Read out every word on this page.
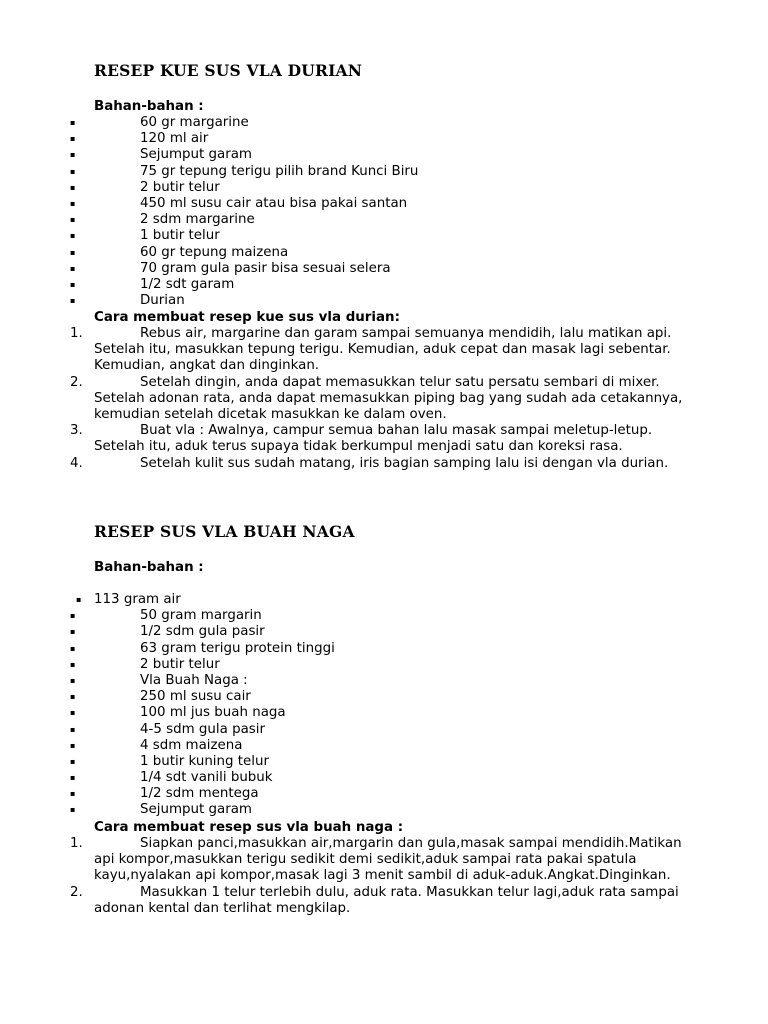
RESEP KUE SUS VLA DURIAN
Bahan-bahan :
▪	60 gr margarine
▪	120 ml air
▪	Sejumput garam
▪	75 gr tepung terigu pilih brand Kunci Biru
▪	2 butir telur
▪	450 ml susu cair atau bisa pakai santan
▪	2 sdm margarine
▪	1 butir telur
▪	60 gr tepung maizena
▪	70 gram gula pasir bisa sesuai selera
▪	1/2 sdt garam
▪	Durian
Cara membuat resep kue sus vla durian:
1.	Rebus air, margarine dan garam sampai semuanya mendidih, lalu matikan api. Setelah itu, masukkan tepung terigu. Kemudian, aduk cepat dan masak lagi sebentar. Kemudian, angkat dan dinginkan.
2.	Setelah dingin, anda dapat memasukkan telur satu persatu sembari di mixer. Setelah adonan rata, anda dapat memasukkan piping bag yang sudah ada cetakannya, kemudian setelah dicetak masukkan ke dalam oven.
3.	Buat vla : Awalnya, campur semua bahan lalu masak sampai meletup-letup. Setelah itu, aduk terus supaya tidak berkumpul menjadi satu dan koreksi rasa.
4.	Setelah kulit sus sudah matang, iris bagian samping lalu isi dengan vla durian.
RESEP SUS VLA BUAH NAGA
Bahan-bahan :
▪ 113 gram air
▪	50 gram margarin
▪	1/2 sdm gula pasir
▪	63 gram terigu protein tinggi
▪	2 butir telur
▪	Vla Buah Naga :
▪	250 ml susu cair
▪	100 ml jus buah naga
▪	4-5 sdm gula pasir
▪	4 sdm maizena
▪	1 butir kuning telur
▪	1/4 sdt vanili bubuk
▪	1/2 sdm mentega
▪	Sejumput garam
Cara membuat resep sus vla buah naga :
1.	Siapkan panci,masukkan air,margarin dan gula,masak sampai mendidih.Matikan api kompor,masukkan terigu sedikit demi sedikit,aduk sampai rata pakai spatula kayu,nyalakan api kompor,masak lagi 3 menit sambil di aduk-aduk.Angkat.Dinginkan.
2.	Masukkan 1 telur terlebih dulu, aduk rata. Masukkan telur lagi,aduk rata sampai adonan kental dan terlihat mengkilap.
